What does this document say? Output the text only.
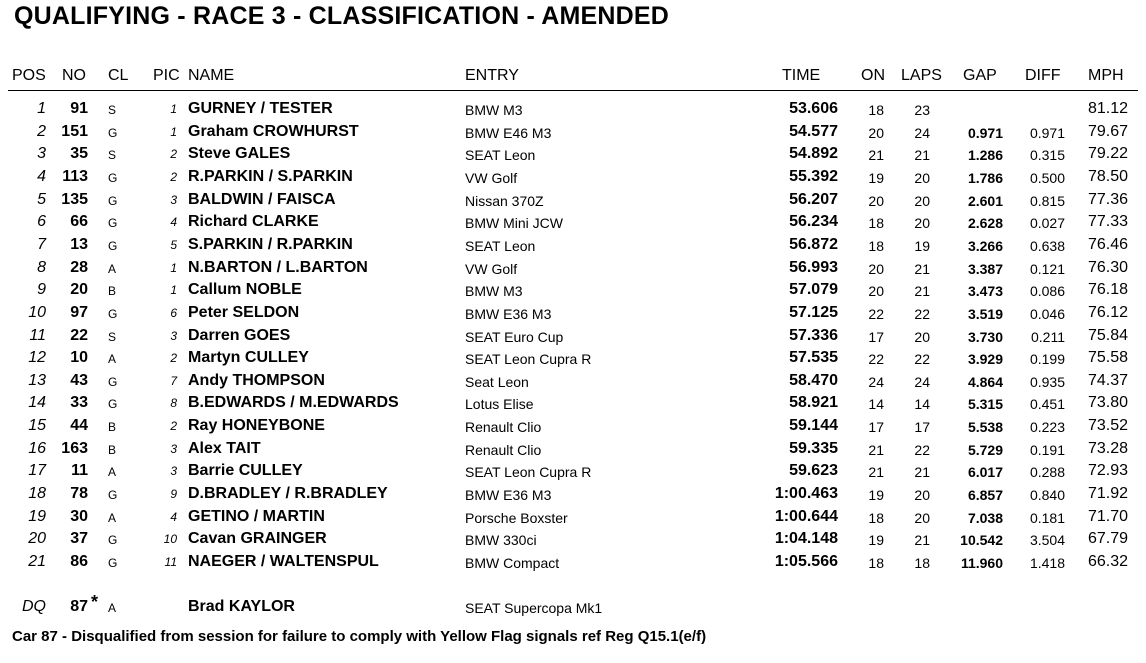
QUALIFYING - RACE 3 - CLASSIFICATION - AMENDED
POS NO CL PIC NAME	ENTRY	TIME	ON LAPS GAP DIFF MPH
1 91 S	1 GURNEY / TESTER	BMW M3	53.606 18 23	81.12
2 151 G	1 Graham CROWHURST	BMW E46 M3	54.577 20 24	0.971 0.971 79.67
3 35 S	2 Steve GALES	SEAT Leon	54.892 21 21	1.286 0.315 79.22
4 113 G	2 R.PARKIN / S.PARKIN	VW Golf	55.392 19 20	1.786 0.500 78.50
5 135 G	3 BALDWIN / FAISCA	Nissan 370Z	56.207 20 20	2.601 0.815 77.36
6 66 G	4 Richard CLARKE	BMW Mini JCW	56.234 18 20	2.628 0.027 77.33
7 13 G	5 S.PARKIN / R.PARKIN	SEAT Leon	56.872 18 19	3.266 0.638 76.46
8 28 A	1 N.BARTON / L.BARTON	VW Golf	56.993 20 21	3.387 0.121 76.30
9 20 B	1 Callum NOBLE	BMW M3	57.079 20 21	3.473 0.086 76.18
10 97 G	6 Peter SELDON	BMW E36 M3	57.125 22 22	3.519 0.046 76.12
11 22 S	3 Darren GOES	SEAT Euro Cup	57.336 17 20	3.730 0.211 75.84
12 10 A	2 Martyn CULLEY	SEAT Leon Cupra R	57.535 22 22	3.929 0.199 75.58
13 43 G	7 Andy THOMPSON	Seat Leon	58.470 24 24	4.864 0.935 74.37
14 33 G	8 B.EDWARDS / M.EDWARDS	Lotus Elise	58.921 14 14	5.315 0.451 73.80
15 44 B	2 Ray HONEYBONE	Renault Clio	59.144 17 17	5.538 0.223 73.52
16 163 B	3 Alex TAIT	Renault Clio	59.335 21 22	5.729 0.191 73.28
17 11 A	3 Barrie CULLEY	SEAT Leon Cupra R	59.623 21 21	6.017 0.288 72.93
18 78 G	9 D.BRADLEY / R.BRADLEY	BMW E36 M3	1:00.463 19 20	6.857 0.840 71.92
19 30 A	4 GETINO / MARTIN	Porsche Boxster	1:00.644 18 20	7.038 0.181 71.70
20 37 G	10 Cavan GRAINGER	BMW 330ci	1:04.148 19 21 10.542 3.504 67.79
21 86 G	11 NAEGER / WALTENSPUL	BMW Compact	1:05.566 18 18 11.960 1.418 66.32
DQ 87 * A	Brad KAYLOR	SEAT Supercopa Mk1
Car 87 - Disqualified from session for failure to comply with Yellow Flag signals ref Reg Q15.1(e/f)
